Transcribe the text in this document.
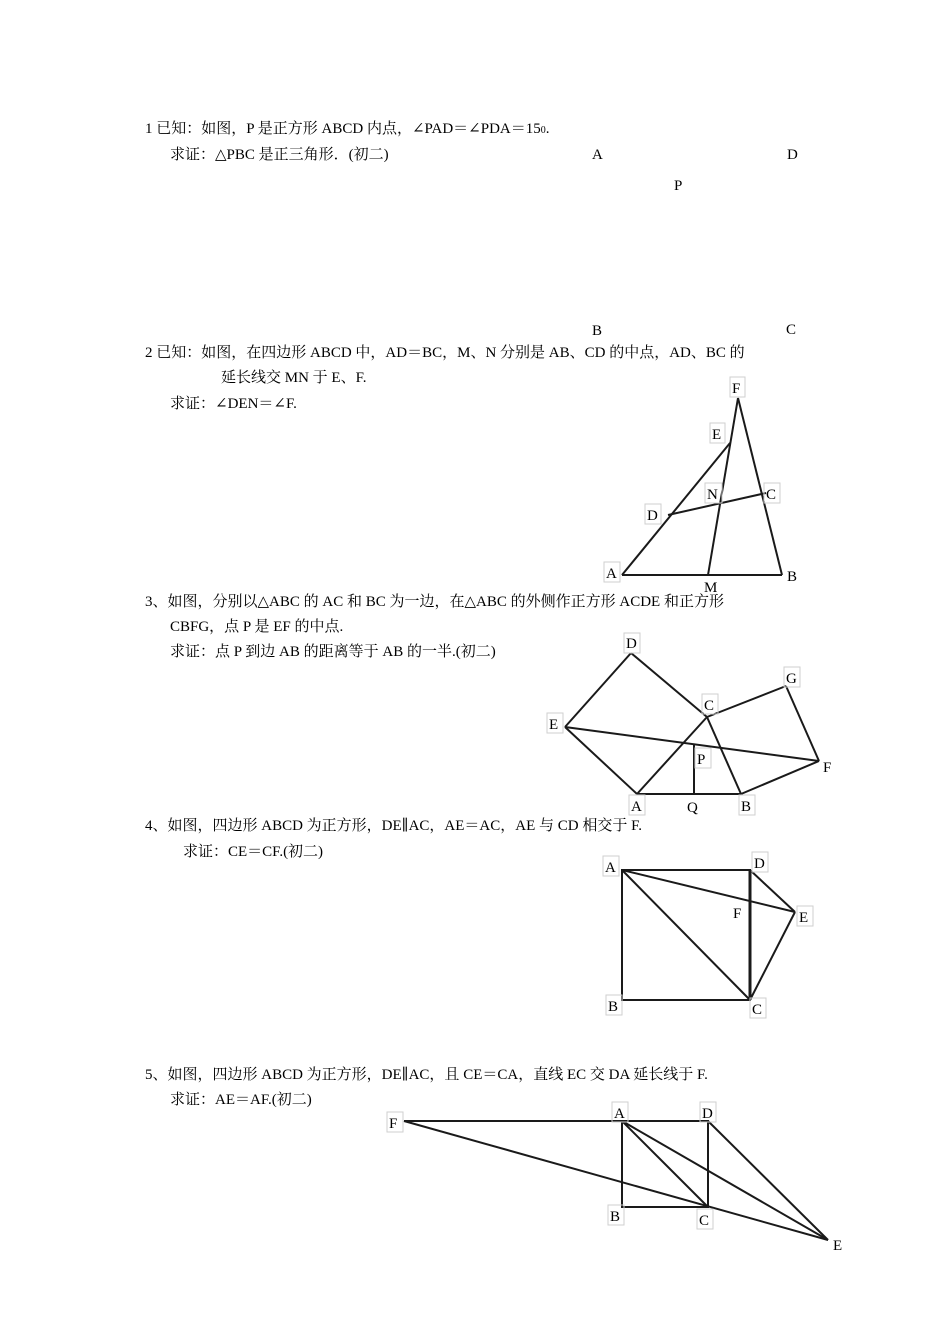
1 已知：如图，P 是正方形 ABCD 内点，∠PAD＝∠PDA＝150.
求证：△PBC 是正三角形．(初二)
2 已知：如图，在四边形 ABCD 中，AD＝BC，M、N 分别是 AB、CD 的中点，AD、BC 的
延长线交 MN 于 E、F.
求证：∠DEN＝∠F.
3、如图，分别以△ABC 的 AC 和 BC 为一边，在△ABC 的外侧作正方形 ACDE 和正方形
CBFG，点 P 是 EF 的中点.
求证：点 P 到边 AB 的距离等于 AB 的一半.(初二)
4、如图，四边形 ABCD 为正方形，DE∥AC，AE＝AC，AE 与 CD 相交于 F.
求证：CE＝CF.(初二)
5、如图，四边形 ABCD 为正方形，DE∥AC，且 CE＝CA，直线 EC 交 DA 延长线于 F.
求证：AE＝AF.(初二)
A	D
P
B	C
F
E
N	C
D
A
M
B
D
G
C
E
P	F
A	Q	B
A	D
F	E
B	C
F
A	D
B	C
E
